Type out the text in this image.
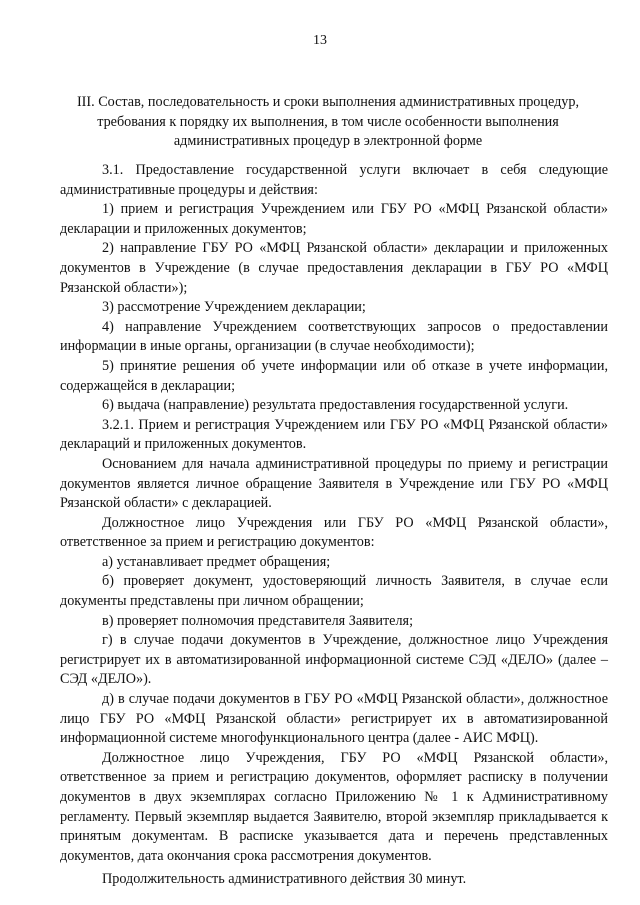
13
III. Состав, последовательность и сроки выполнения административных процедур,
требования к порядку их выполнения, в том числе особенности выполнения
административных процедур в электронной форме

3.1. Предоставление государственной услуги включает в себя следующие административные процедуры и действия:

1) прием и регистрация Учреждением или ГБУ РО «МФЦ Рязанской области» декларации и приложенных документов;

2) направление ГБУ РО «МФЦ Рязанской области» декларации и приложенных документов в Учреждение (в случае предоставления декларации в ГБУ РО «МФЦ Рязанской области»);

3) рассмотрение Учреждением декларации;

4) направление Учреждением соответствующих запросов о предоставлении информации в иные органы, организации (в случае необходимости);

5) принятие решения об учете информации или об отказе в учете информации, содержащейся в декларации;

6) выдача (направление) результата предоставления государственной услуги.

3.2.1. Прием и регистрация Учреждением или ГБУ РО «МФЦ Рязанской области» деклараций и приложенных документов.

Основанием для начала административной процедуры по приему и регистрации документов является личное обращение Заявителя в Учреждение или ГБУ РО «МФЦ Рязанской области» с декларацией.

Должностное лицо Учреждения или ГБУ РО «МФЦ Рязанской области», ответственное за прием и регистрацию документов:

а) устанавливает предмет обращения;

б) проверяет документ, удостоверяющий личность Заявителя, в случае если документы представлены при личном обращении;

в) проверяет полномочия представителя Заявителя;

г) в случае подачи документов в Учреждение, должностное лицо Учреждения регистрирует их в автоматизированной информационной системе СЭД «ДЕЛО» (далее – СЭД «ДЕЛО»).

д) в случае подачи документов в ГБУ РО «МФЦ Рязанской области», должностное лицо ГБУ РО «МФЦ Рязанской области» регистрирует их в автоматизированной информационной системе многофункционального центра (далее - АИС МФЦ).

Должностное лицо Учреждения, ГБУ РО «МФЦ Рязанской области», ответственное за прием и регистрацию документов, оформляет расписку в получении документов в двух экземплярах согласно Приложению № 1 к Административному регламенту. Первый экземпляр выдается Заявителю, второй экземпляр прикладывается к принятым документам. В расписке указывается дата и перечень представленных документов, дата окончания срока рассмотрения документов.

Продолжительность административного действия 30 минут.
